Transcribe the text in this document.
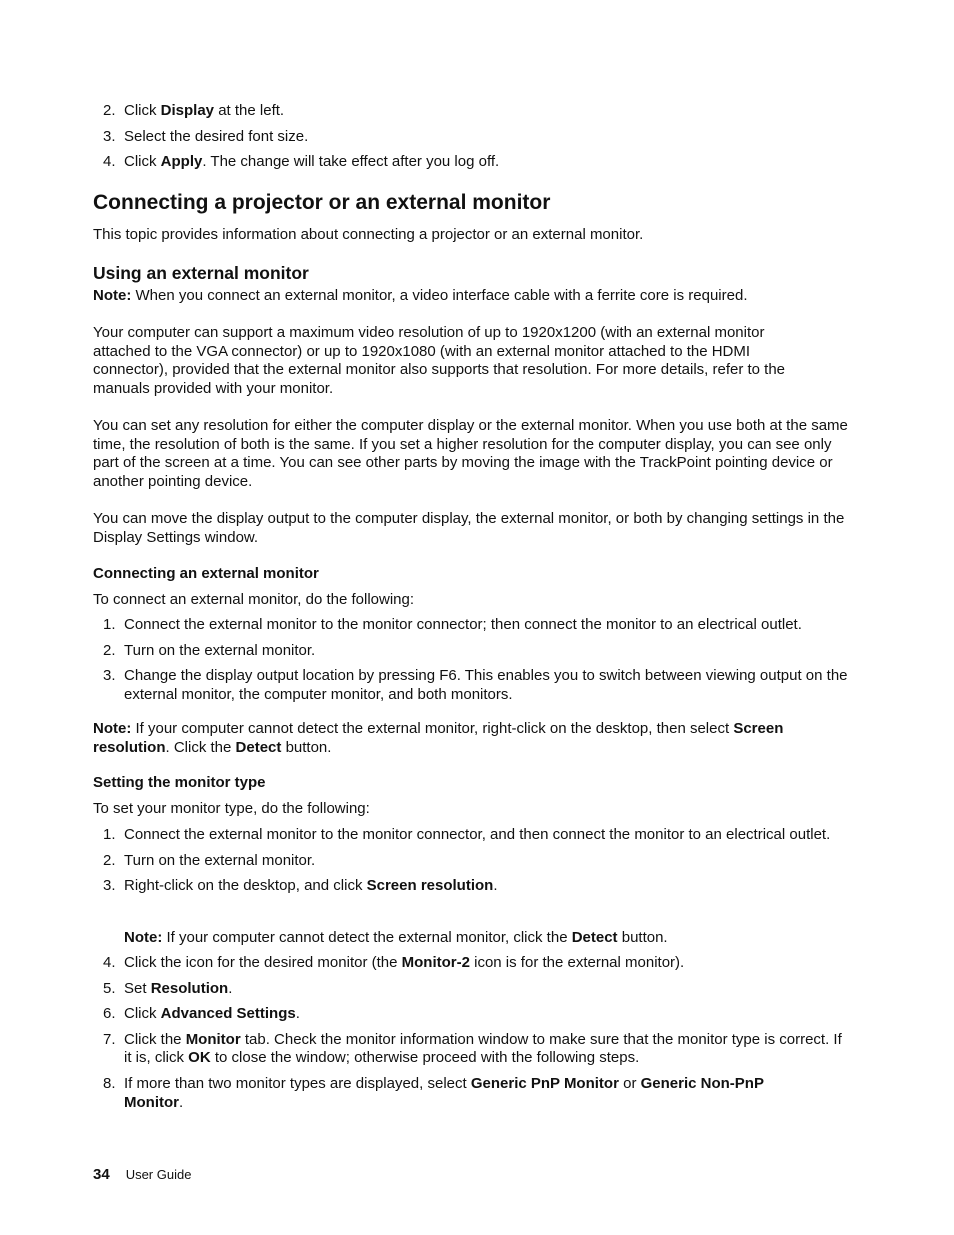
2. Click Display at the left.
3. Select the desired font size.
4. Click Apply. The change will take effect after you log off.
Connecting a projector or an external monitor

This topic provides information about connecting a projector or an external monitor.

Using an external monitor

Note: When you connect an external monitor, a video interface cable with a ferrite core is required.

Your computer can support a maximum video resolution of up to 1920x1200 (with an external monitor attached to the VGA connector) or up to 1920x1080 (with an external monitor attached to the HDMI connector), provided that the external monitor also supports that resolution. For more details, refer to the manuals provided with your monitor.

You can set any resolution for either the computer display or the external monitor. When you use both at the same time, the resolution of both is the same. If you set a higher resolution for the computer display, you can see only part of the screen at a time. You can see other parts by moving the image with the TrackPoint pointing device or another pointing device.

You can move the display output to the computer display, the external monitor, or both by changing settings in the Display Settings window.

Connecting an external monitor

To connect an external monitor, do the following:

1. Connect the external monitor to the monitor connector; then connect the monitor to an electrical outlet.
2. Turn on the external monitor.
3. Change the display output location by pressing F6. This enables you to switch between viewing output on the external monitor, the computer monitor, and both monitors.

Note: If your computer cannot detect the external monitor, right-click on the desktop, then select Screen resolution. Click the Detect button.

Setting the monitor type

To set your monitor type, do the following:

1. Connect the external monitor to the monitor connector, and then connect the monitor to an electrical outlet.
2. Turn on the external monitor.
3. Right-click on the desktop, and click Screen resolution.

Note: If your computer cannot detect the external monitor, click the Detect button.

4. Click the icon for the desired monitor (the Monitor-2 icon is for the external monitor).
5. Set Resolution.
6. Click Advanced Settings.
7. Click the Monitor tab. Check the monitor information window to make sure that the monitor type is correct. If it is, click OK to close the window; otherwise proceed with the following steps.
8. If more than two monitor types are displayed, select Generic PnP Monitor or Generic Non-PnP Monitor.
34 User Guide
